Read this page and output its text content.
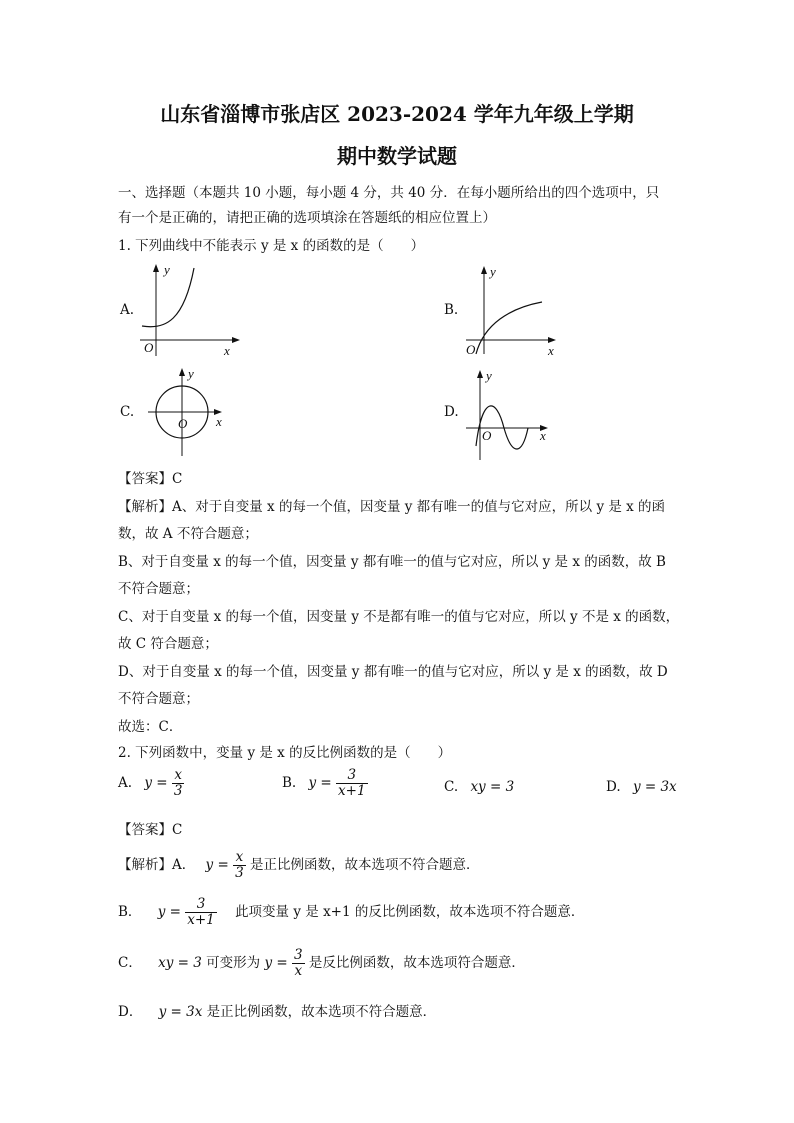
山东省淄博市张店区 2023-2024 学年九年级上学期
期中数学试题
一、选择题（本题共 10 小题，每小题 4 分，共 40 分．在每小题所给出的四个选项中，只
有一个是正确的，请把正确的选项填涂在答题纸的相应位置上）
1. 下列曲线中不能表示 y 是 x 的函数的是（　　）
A.	B.
C.	D.
y
x
O
y
x
O
y
x
O
y
x
O
【答案】C
【解析】A、对于自变量 x 的每一个值，因变量 y 都有唯一的值与它对应，所以 y 是 x 的函
数，故 A 不符合题意；
B、对于自变量 x 的每一个值，因变量 y 都有唯一的值与它对应，所以 y 是 x 的函数，故 B
不符合题意；
C、对于自变量 x 的每一个值，因变量 y 不是都有唯一的值与它对应，所以 y 不是 x 的函数，
故 C 符合题意；
D、对于自变量 x 的每一个值，因变量 y 都有唯一的值与它对应，所以 y 是 x 的函数，故 D
不符合题意；
故选：C．
2. 下列函数中，变量 y 是 x 的反比例函数的是（　　）
A. $y = \frac{x}{3}$	B. $y = \frac{3}{x+1}$	C. xy = 3	D. y = 3x
【答案】C
【解析】A． $y = \frac{x}{3}$ 是正比例函数，故本选项不符合题意．
B． $y = \frac{3}{x+1}$ 此项变量 y 是 x+1 的反比例函数，故本选项不符合题意．
C． xy = 3 可变形为 $y = \frac{3}{x}$ 是反比例函数，故本选项符合题意．
D． y = 3x 是正比例函数，故本选项不符合题意．
